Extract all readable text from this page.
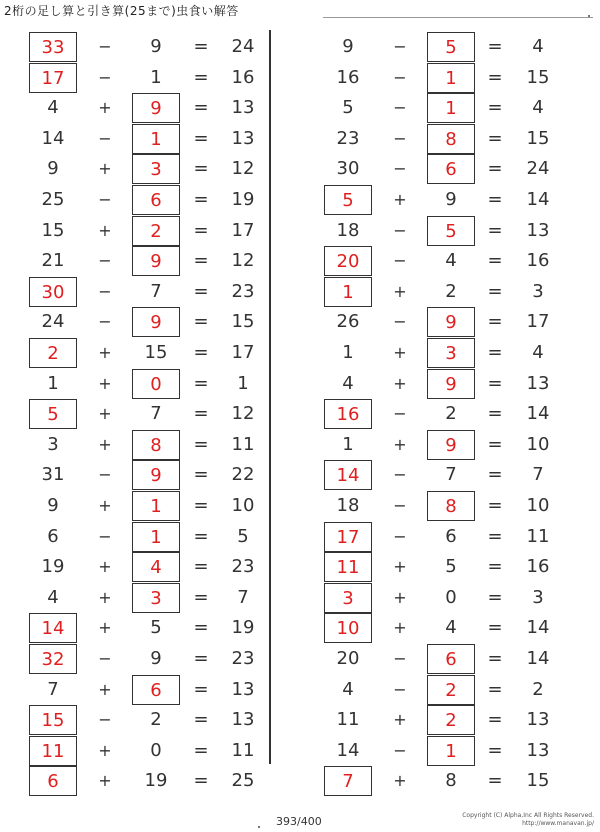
2桁の足し算と引き算(25まで)虫食い解答
33	−	9	=	24
17	−	1	=	16
4	+	9	=	13
14	−	1	=	13
9	+	3	=	12
25	−	6	=	19
15	+	2	=	17
21	−	9	=	12
30	−	7	=	23
24	−	9	=	15
2	+	15	=	17
1	+	0	=	1
5	+	7	=	12
3	+	8	=	11
31	−	9	=	22
9	+	1	=	10
6	−	1	=	5
19	+	4	=	23
4	+	3	=	7
14	+	5	=	19
32	−	9	=	23
7	+	6	=	13
15	−	2	=	13
11	+	0	=	11
6	+	19	=	25
9	−	5	=	4
16	−	1	=	15
5	−	1	=	4
23	−	8	=	15
30	−	6	=	24
5	+	9	=	14
18	−	5	=	13
20	−	4	=	16
1	+	2	=	3
26	−	9	=	17
1	+	3	=	4
4	+	9	=	13
16	−	2	=	14
1	+	9	=	10
14	−	7	=	7
18	−	8	=	10
17	−	6	=	11
11	+	5	=	16
3	+	0	=	3
10	+	4	=	14
20	−	6	=	14
4	−	2	=	2
11	+	2	=	13
14	−	1	=	13
7	+	8	=	15
393/400	Copyright (C) Alpha,Inc All Rights Reserved.
http://www.manavan.jp/
